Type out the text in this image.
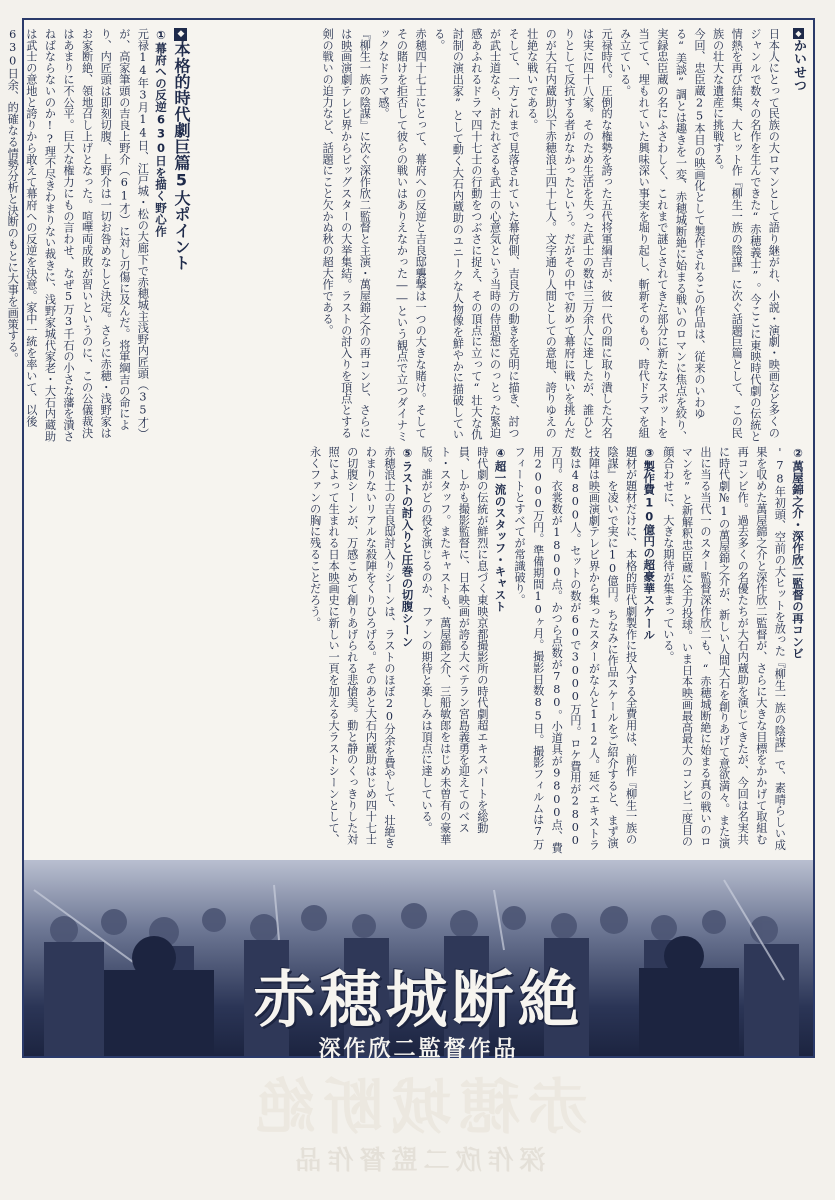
◆かいせつ

日本人にとって民族の大ロマンとして語り継がれ、小説・演劇・映画など多くのジャンルで数々の名作を生んできた“赤穂義士”。今ここに東映時代劇の伝統と情熱を再び結集、大ヒット作『柳生一族の陰謀』に次ぐ話題巨篇として、この民族の壮大な遺産に挑戦する。

今回、忠臣蔵25本目の映画化として製作されるこの作品は、従来のいわゆる“美談”調とは趣きを一変、赤穂城断絶に始まる戦いのロマンに焦点を絞り、実録忠臣蔵の名にふさわしく、これまで謎とされてきた部分に新たなスポットを当てて、埋もれていた興味深い事実を堀り起し、斬新そのもの、時代ドラマを組み立ている。

元禄時代。圧倒的な権勢を誇った五代将軍綱吉が、彼一代の間に取り潰した大名は実に四十八家。そのため生活を失った武士の数は三万余人に達したが、誰ひとりとして反抗する者がなかったという。だがその中で初めて幕府に戦いを挑んだのが大石内蔵助以下赤穂浪士四十七人。文字通り人間としての意地、誇りゆえの壮絶な戦いである。

そして、一方これまで見落されていた幕府側、吉良方の動きを克明に描き、討つが武士道なら、討たれざるも武士の心意気という当時の侍思想にのっとった緊迫感あふれるドラマ四十七士の行動をつぶさに捉え、その頂点に立って“壮大な仇討制の演出家”として動く大石内蔵助のユニークな人物像を鮮やかに描破している。

赤穂四十七士にとって、幕府への反逆と吉良邸襲撃は一つの大きな賭け。そしてその賭けを拒否して彼らの戦いはありえなかった――という観点で立つダイナミックなドラマ感。

『柳生一族の陰謀』に次ぐ深作欣二監督と主演・萬屋錦之介の再コンビ、さらには映画演劇テレビ界からビッグスターの大挙集結。ラストの討入りを頂点とする剣の戦いの迫力など、話題にこと欠かぬ秋の超大作である。

◆本格的時代劇巨篇5大ポイント

①幕府への反逆630日を描く野心作

元禄14年3月14日、江戸城・松の大廊下で赤穂城主浅野内匠頭（35才）が、高家筆頭の吉良上野介（61才）に対し刃傷に及んだ。将軍綱吉の命により、内匠頭は即刻切腹、上野介は一切お咎めなしと決定。さらに赤穂・浅野家はお家断絶、領地召し上げとなった。喧嘩両成敗が習いというのに、この公儀裁決はあまりに不公平。巨大な権力にもの言わせ、なぜ5万3千石の小さな藩を潰さねばならないのか!?理不尽きわまりない裁きに、浅野家城代家老・大石内蔵助は武士の意地と誇りから敢えて幕府への反逆を決意。家中一統を率いて、以後630日余、的確なる情勢分析と決断のもとに大事を画策する。

②萬屋錦之介・深作欣二監督の再コンビ

'78年初頭、空前の大ヒットを放った『柳生一族の陰謀』で、素晴らしい成果を収めた萬屋錦之介と深作欣二監督が、さらに大きな目標をかかげて取組む再コンビ作。過去多くの名優たちが大石内蔵助を演じてきたが、今回は名実共に時代劇№1の萬屋錦之介が、新しい人間大石を創りあげて意欲満々。また演出に当る当代一のスター監督深作欣二も、“赤穂城断絶に始まる真の戦いのロマンを”と新解釈忠臣蔵に全力投球。いま日本映画最高最大のコンビ二度目の顔合わせに、大きな期待が集まっている。

③製作費10億円の超豪華スケール

題材が題材だけに、本格的時代劇製作に投入する全費用は、前作『柳生一族の陰謀』を凌いで実に10億円。ちなみに作品スケールをご紹介すると、まず演技陣は映画演劇テレビ界から集ったスターがなんと112人。延べエキストラ数は4800人。セットの数が60で3000万円。ロケ費用が2800万円。衣裳数が1800点。かつら点数が780。小道具が9800点、費用2000万円。準備期間10ヶ月。撮影日数85日。撮影フィルムは7万フィートとすべてが常識破り。

④超一流のスタッフ・キャスト

時代劇の伝統が鮮烈に息づく東映京都撮影所の時代劇超エキスパートを総動員、しかも撮影監督に、日本映画が誇る大ベテラン宮島義勇を迎えてのベスト・スタッフ。またキャストも、萬屋錦之介、三船敏郎をはじめ未曽有の豪華版。誰がどの役を演じるのか、ファンの期待と楽しみは頂点に達している。

⑤ラストの討入りと圧巻の切腹シーン

赤穂浪士の吉良邸討入りシーンは、ラストのほぼ20分余を費やして、壮絶きわまりないリアルな殺陣をくりひろげる。そのあと大石内蔵助はじめ四十七士の切腹シーンが、万感こめて創りあげられる悲愴美。動と静のくっきりした対照によって生まれる日本映画史に新しい一頁を加える大ラストシーンとして、永くファンの胸に残ることだろう。

赤穂城断絶
深作欣二監督作品
赤穂城断絶
深作欣二監督作品
